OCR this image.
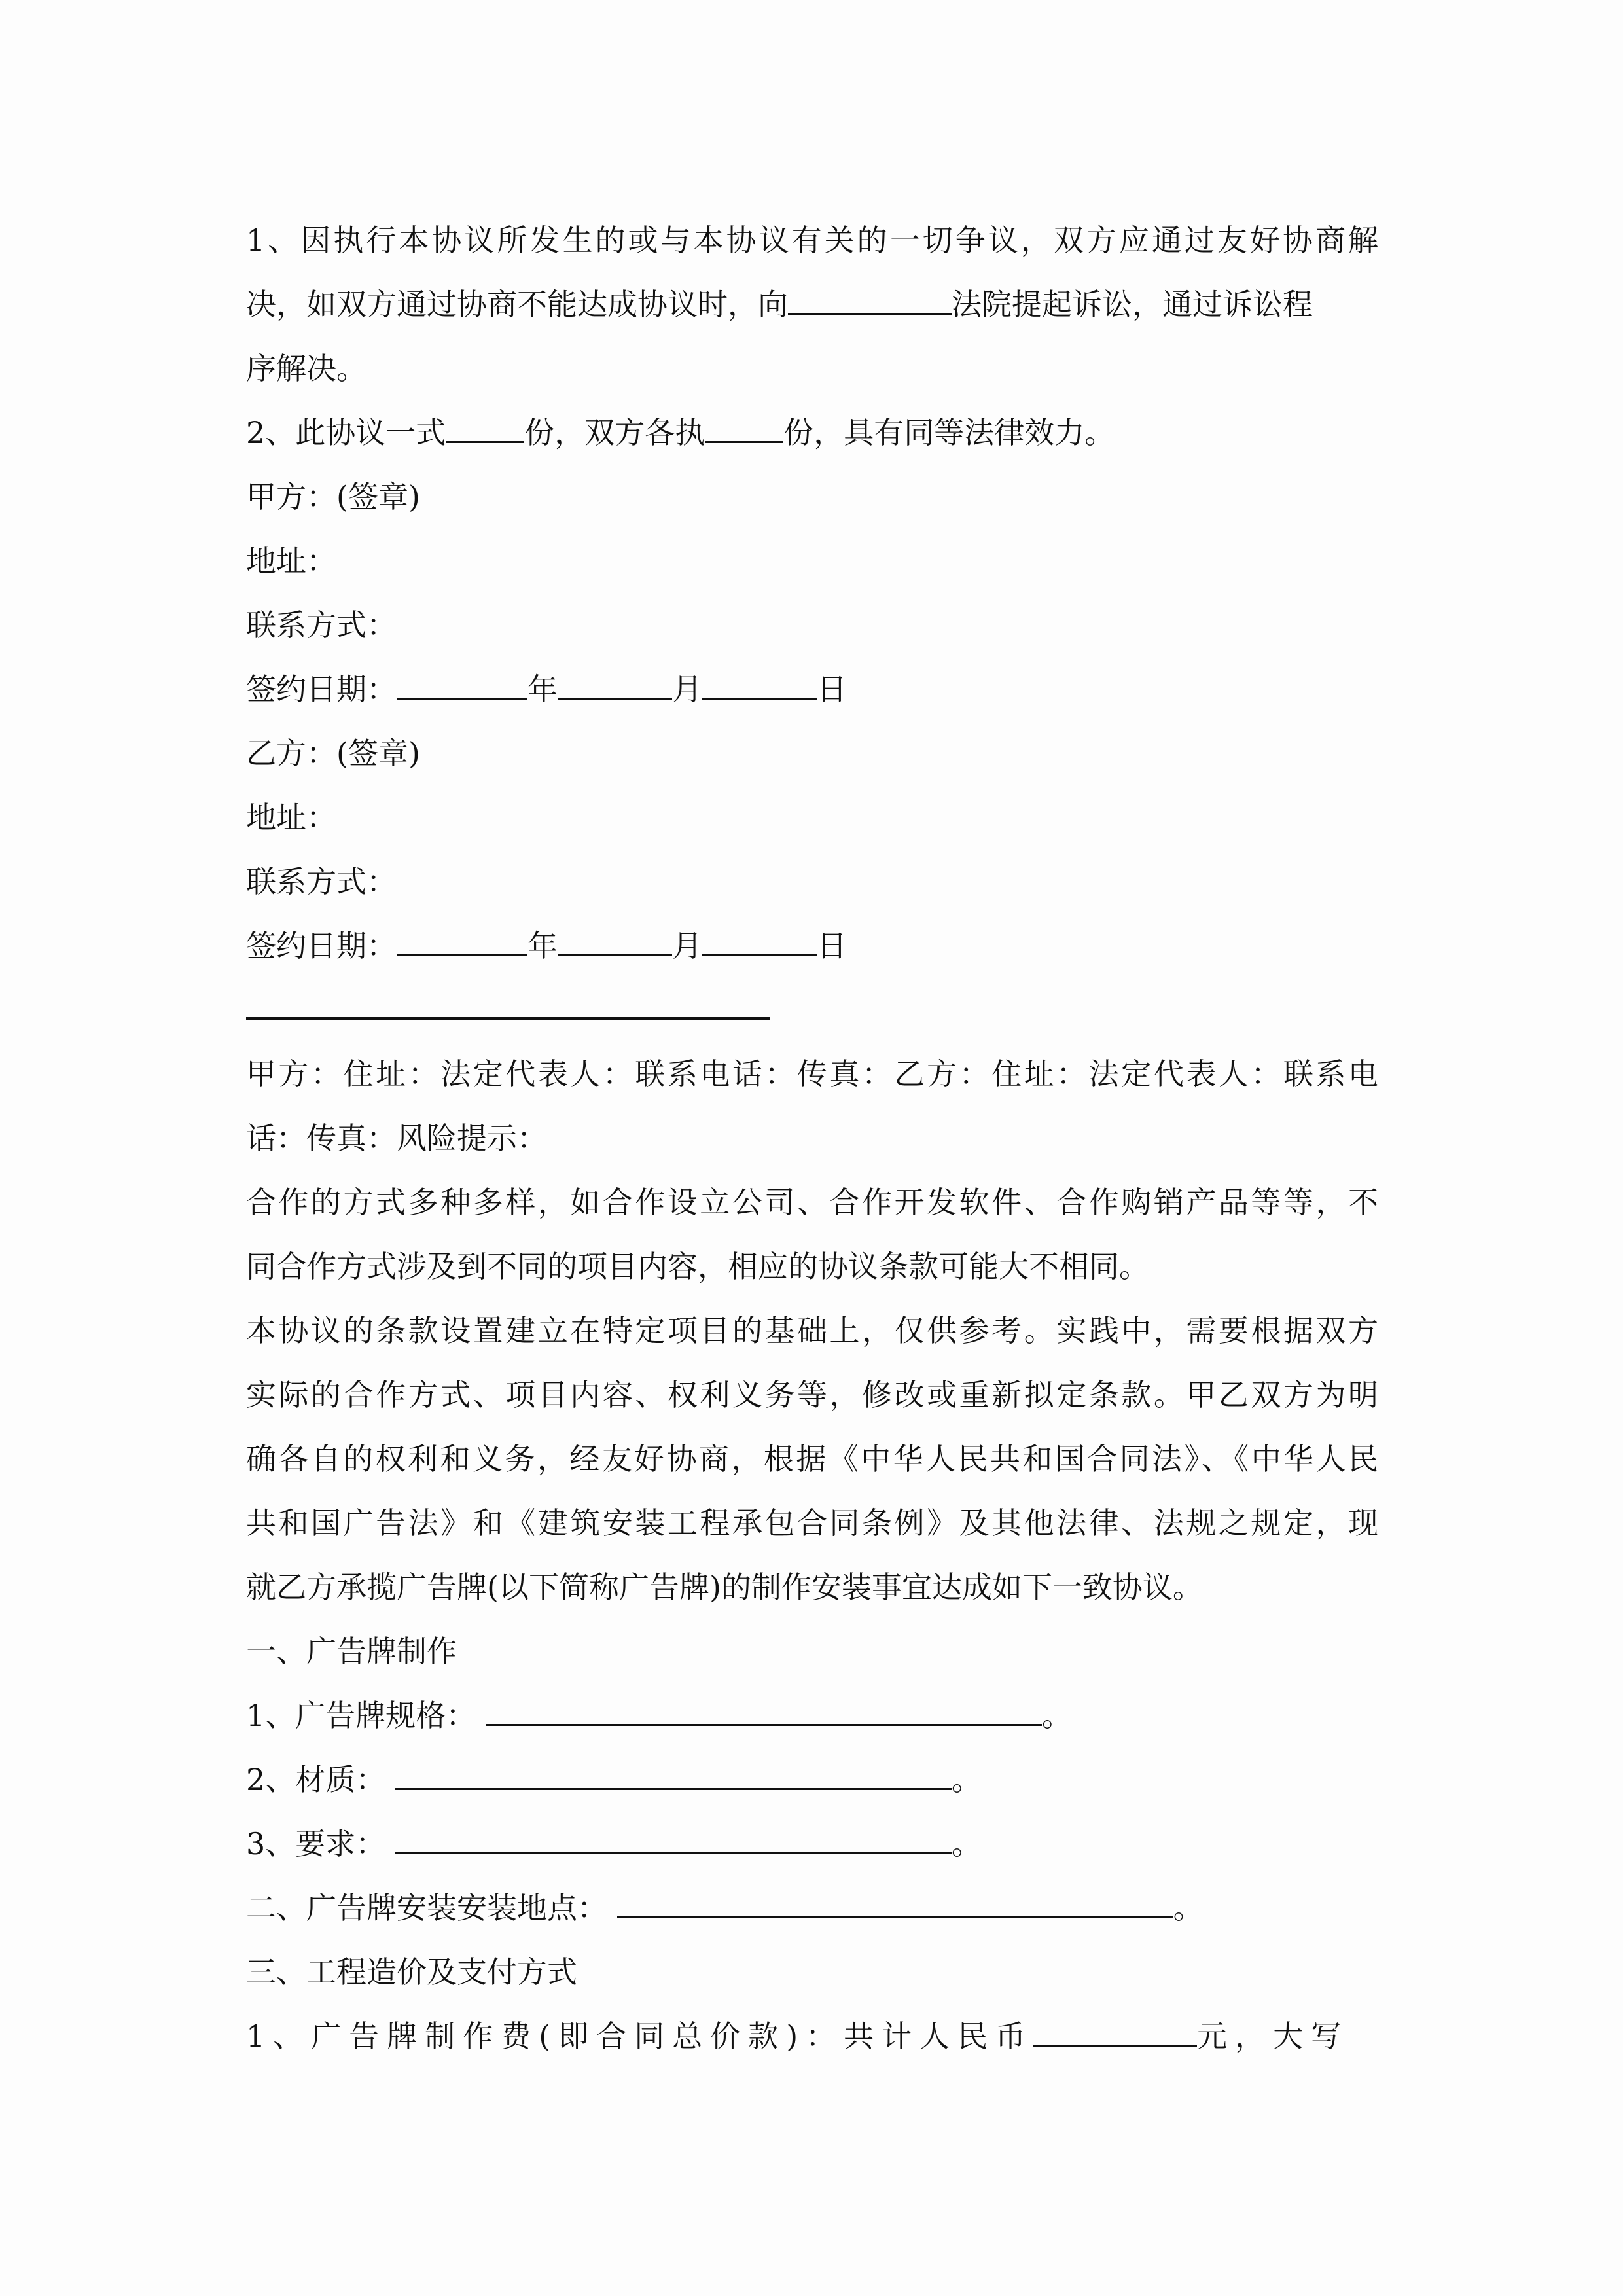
1、因执行本协议所发生的或与本协议有关的一切争议，双方应通过友好协商解
决，如双方通过协商不能达成协议时，向	法院提起诉讼，通过诉讼程
序解决。
2、此协议一式	份，双方各执	份，具有同等法律效力。
甲方：(签章)
地址：
联系方式：
签约日期：	年	月	日
乙方：(签章)
地址：
联系方式：
签约日期：	年	月	日
甲方：住址：法定代表人：联系电话：传真：乙方：住址：法定代表人：联系电
话：传真：风险提示：
合作的方式多种多样，如合作设立公司、合作开发软件、合作购销产品等等，不
同合作方式涉及到不同的项目内容，相应的协议条款可能大不相同。
本协议的条款设置建立在特定项目的基础上，仅供参考。实践中，需要根据双方
实际的合作方式、项目内容、权利义务等，修改或重新拟定条款。甲乙双方为明
确各自的权利和义务，经友好协商，根据《中华人民共和国合同法》、《中华人民
共和国广告法》和《建筑安装工程承包合同条例》及其他法律、法规之规定，现
就乙方承揽广告牌(以下简称广告牌)的制作安装事宜达成如下一致协议。
一、广告牌制作
1、广告牌规格：	。
2、材质：	。
3、要求：	。
二、广告牌安装安装地点：	。
三、工程造价及支付方式
1、广告牌制作费(即合同总价款)：共计人民币	元，大写
